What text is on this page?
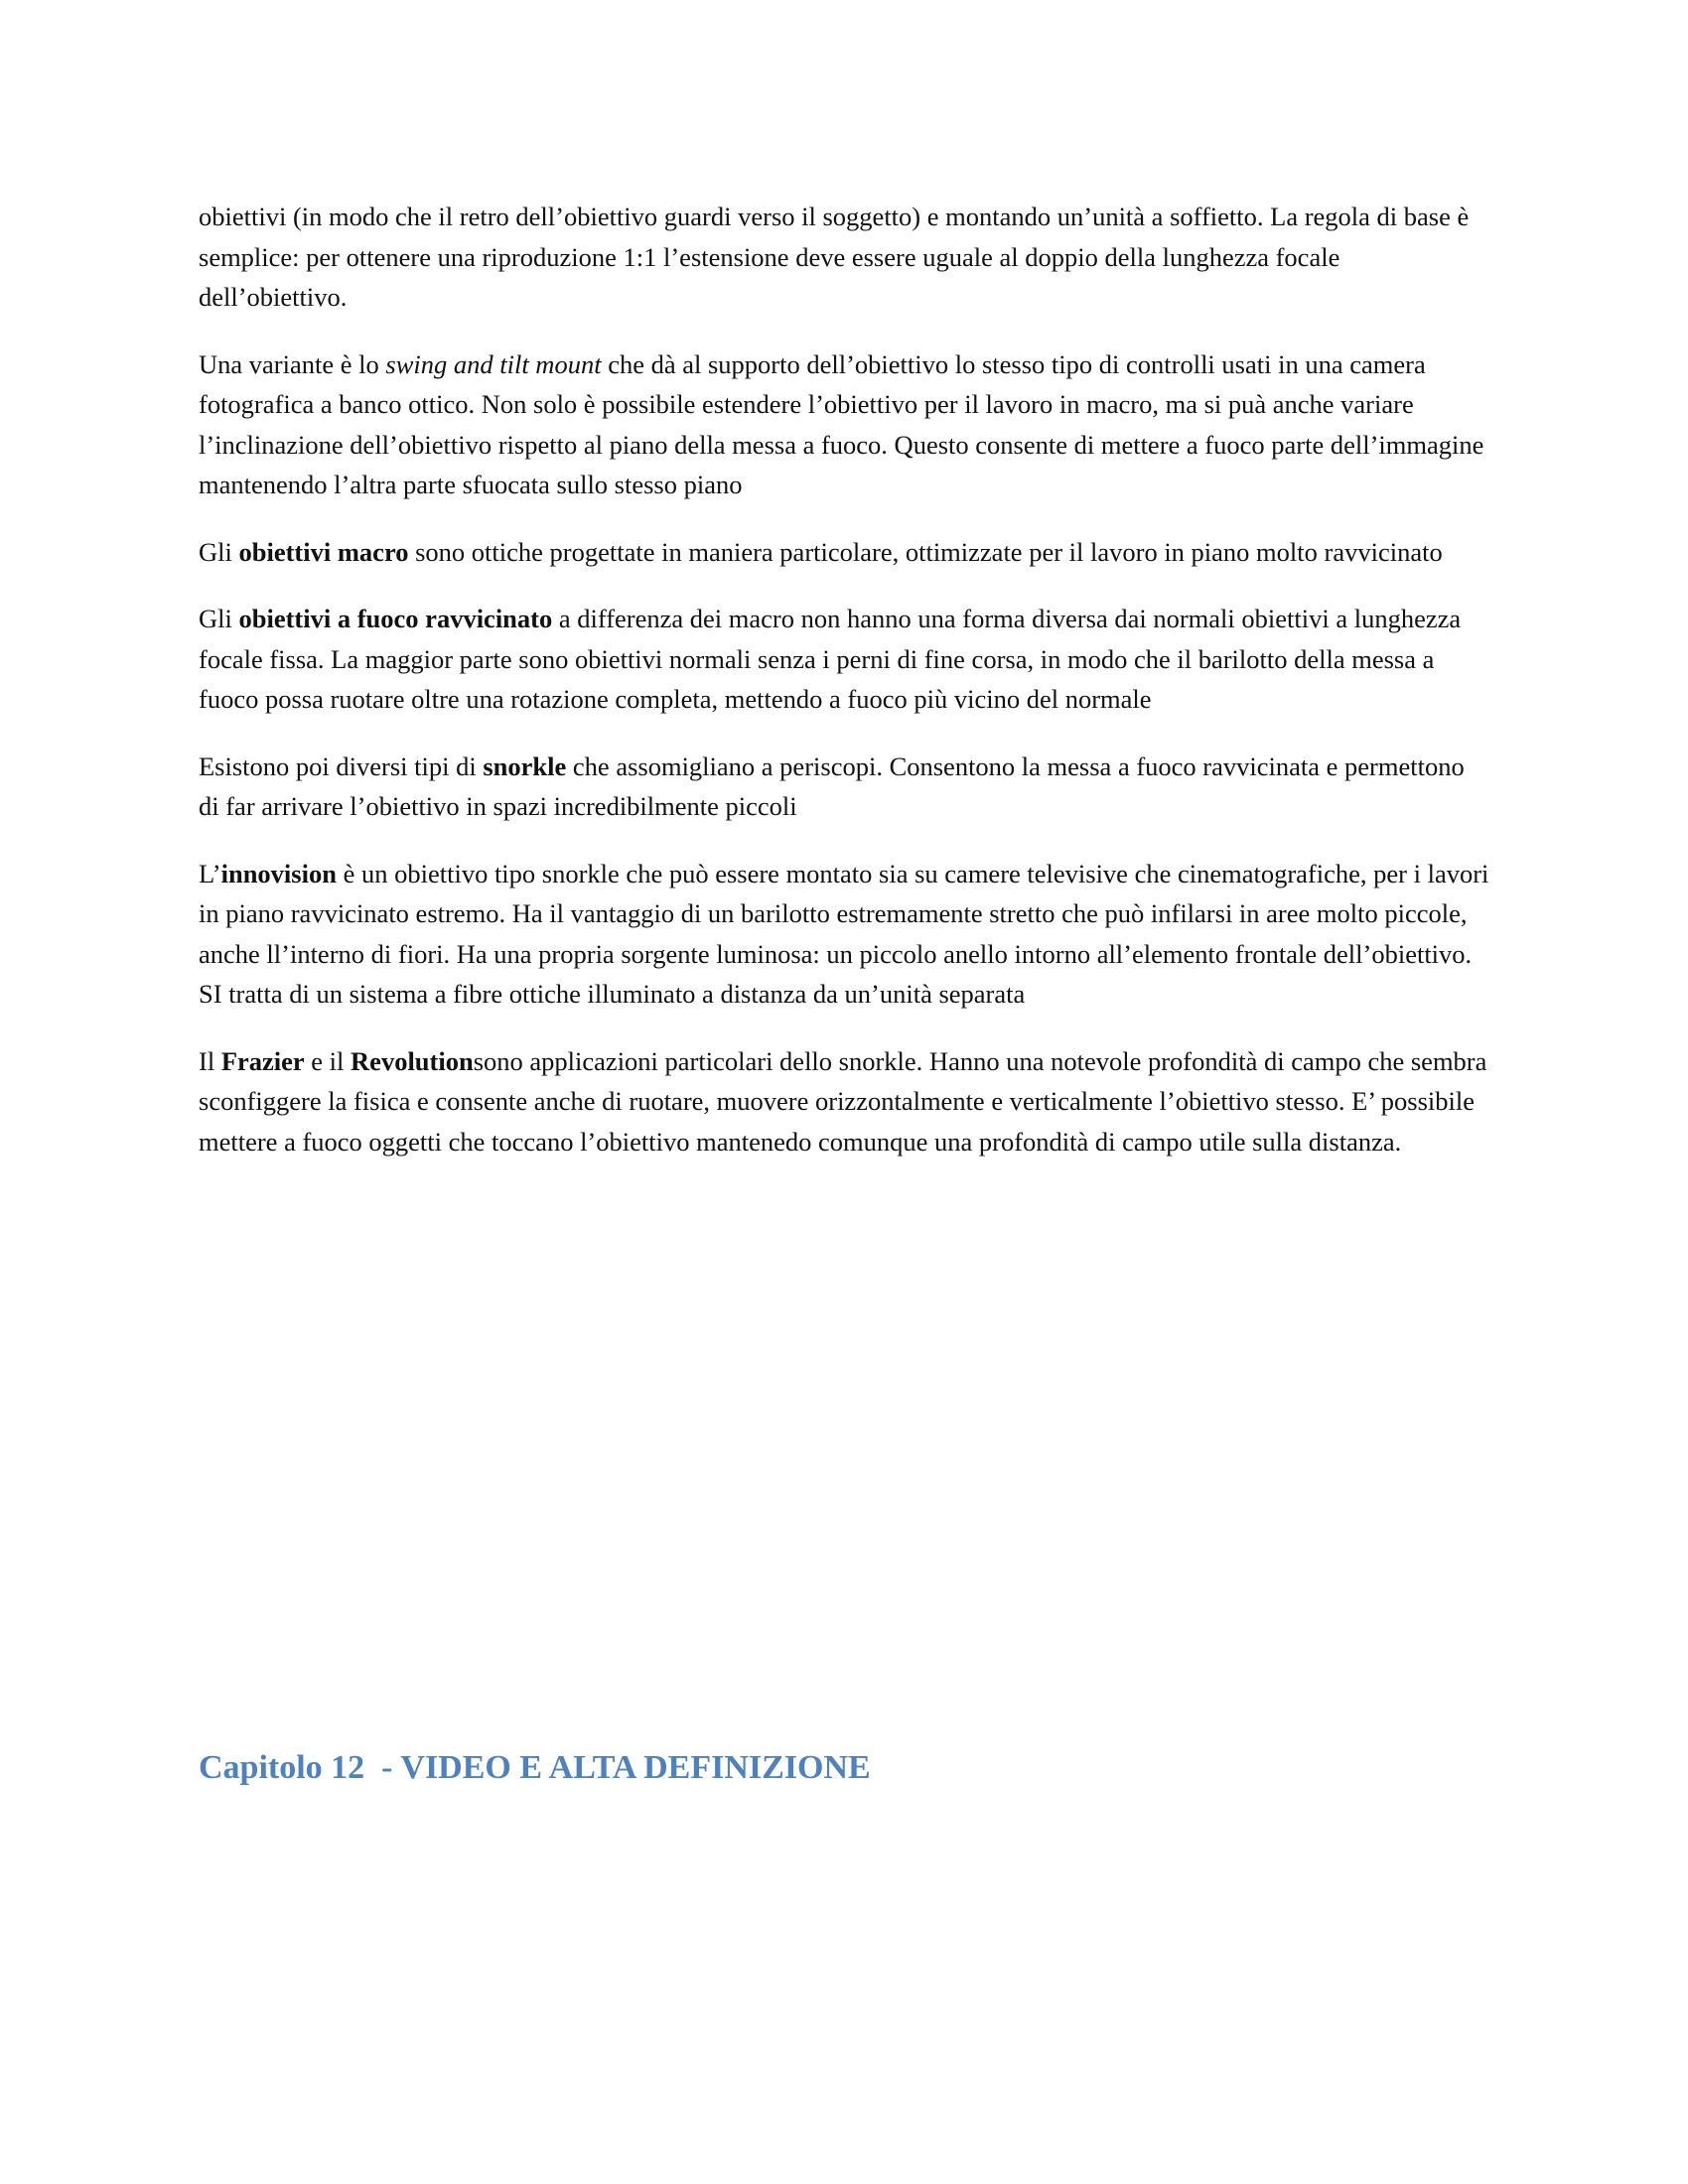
obiettivi (in modo che il retro dell’obiettivo guardi verso il soggetto) e montando un’unità a soffietto. La regola di base è semplice: per ottenere una riproduzione 1:1 l’estensione deve essere uguale al doppio della lunghezza focale dell’obiettivo.

Una variante è lo swing and tilt mount che dà al supporto dell’obiettivo lo stesso tipo di controlli usati in una camera fotografica a banco ottico. Non solo è possibile estendere l’obiettivo per il lavoro in macro, ma si puà anche variare l’inclinazione dell’obiettivo rispetto al piano della messa a fuoco. Questo consente di mettere a fuoco parte dell’immagine mantenendo l’altra parte sfuocata sullo stesso piano

Gli obiettivi macro sono ottiche progettate in maniera particolare, ottimizzate per il lavoro in piano molto ravvicinato

Gli obiettivi a fuoco ravvicinato a differenza dei macro non hanno una forma diversa dai normali obiettivi a lunghezza focale fissa. La maggior parte sono obiettivi normali senza i perni di fine corsa, in modo che il barilotto della messa a fuoco possa ruotare oltre una rotazione completa, mettendo a fuoco più vicino del normale

Esistono poi diversi tipi di snorkle che assomigliano a periscopi. Consentono la messa a fuoco ravvicinata e permettono di far arrivare l’obiettivo in spazi incredibilmente piccoli

L’innovision è un obiettivo tipo snorkle che può essere montato sia su camere televisive che cinematografiche, per i lavori in piano ravvicinato estremo. Ha il vantaggio di un barilotto estremamente stretto che può infilarsi in aree molto piccole, anche ll’interno di fiori. Ha una propria sorgente luminosa: un piccolo anello intorno all’elemento frontale dell’obiettivo. SI tratta di un sistema a fibre ottiche illuminato a distanza da un’unità separata

Il Frazier e il Revolutionsono applicazioni particolari dello snorkle. Hanno una notevole profondità di campo che sembra sconfiggere la fisica e consente anche di ruotare, muovere orizzontalmente e verticalmente l’obiettivo stesso. E’ possibile mettere a fuoco oggetti che toccano l’obiettivo mantenedo comunque una profondità di campo utile sulla distanza.

Capitolo 12  - VIDEO E ALTA DEFINIZIONE
